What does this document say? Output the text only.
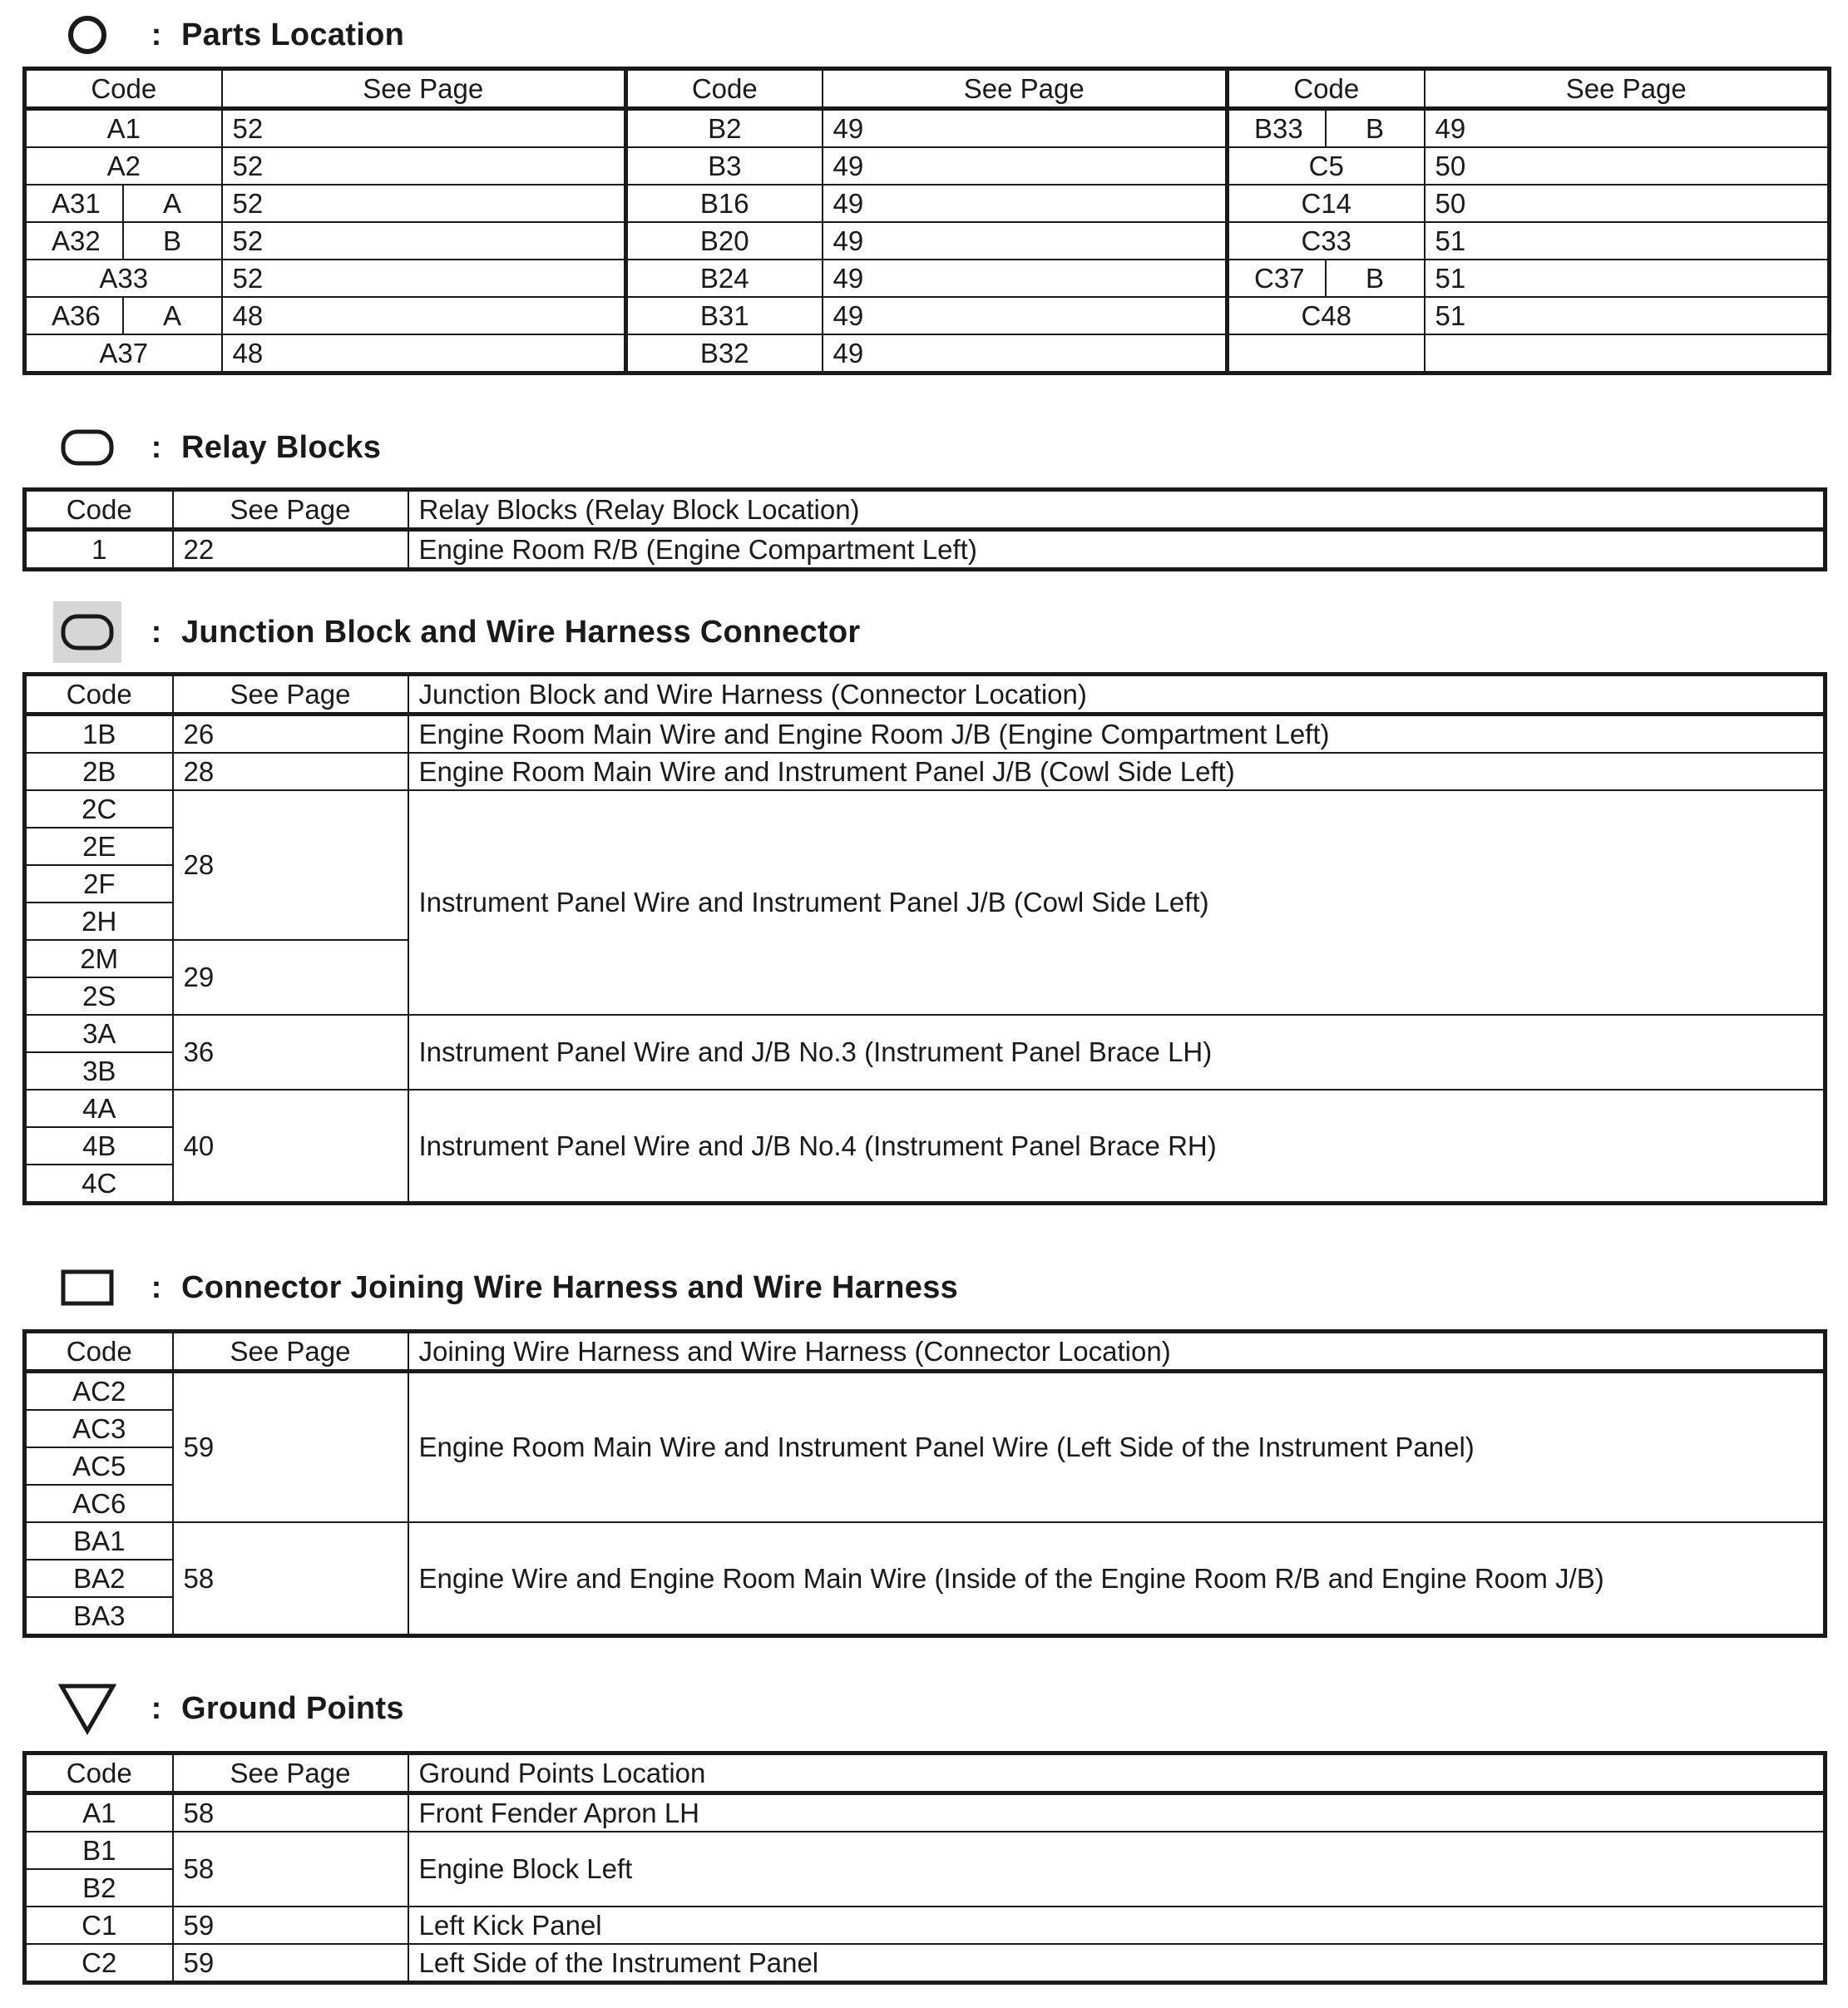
: Parts Location
Code		See Page	Code	See Page	Code		See Page
A1		52	B2	49	B33	B	49
A2		52	B3	49	C5		50
A31	A	52	B16	49	C14		50
A32	B	52	B20	49	C33		51
A33		52	B24	49	C37	B	51
A36	A	48	B31	49	C48		51
A37		48	B32	49			
: Relay Blocks
Code	See Page	Relay Blocks (Relay Block Location)
1	22	Engine Room R/B (Engine Compartment Left)
: Junction Block and Wire Harness Connector
Code	See Page	Junction Block and Wire Harness (Connector Location)
1B	26	Engine Room Main Wire and Engine Room J/B (Engine Compartment Left)
2B	28	Engine Room Main Wire and Instrument Panel J/B (Cowl Side Left)
2C	28	Instrument Panel Wire and Instrument Panel J/B (Cowl Side Left)
2E		
2F		
2H		
2M	29	
2S		
3A	36	Instrument Panel Wire and J/B No.3 (Instrument Panel Brace LH)
3B		
4A	40	Instrument Panel Wire and J/B No.4 (Instrument Panel Brace RH)
4B		
4C		
: Connector Joining Wire Harness and Wire Harness
Code	See Page	Joining Wire Harness and Wire Harness (Connector Location)
AC2	59	Engine Room Main Wire and Instrument Panel Wire (Left Side of the Instrument Panel)
AC3		
AC5		
AC6		
BA1	58	Engine Wire and Engine Room Main Wire (Inside of the Engine Room R/B and Engine Room J/B)
BA2		
BA3		
: Ground Points
Code	See Page	Ground Points Location
A1	58	Front Fender Apron LH
B1	58	Engine Block Left
B2		
C1	59	Left Kick Panel
C2	59	Left Side of the Instrument Panel
